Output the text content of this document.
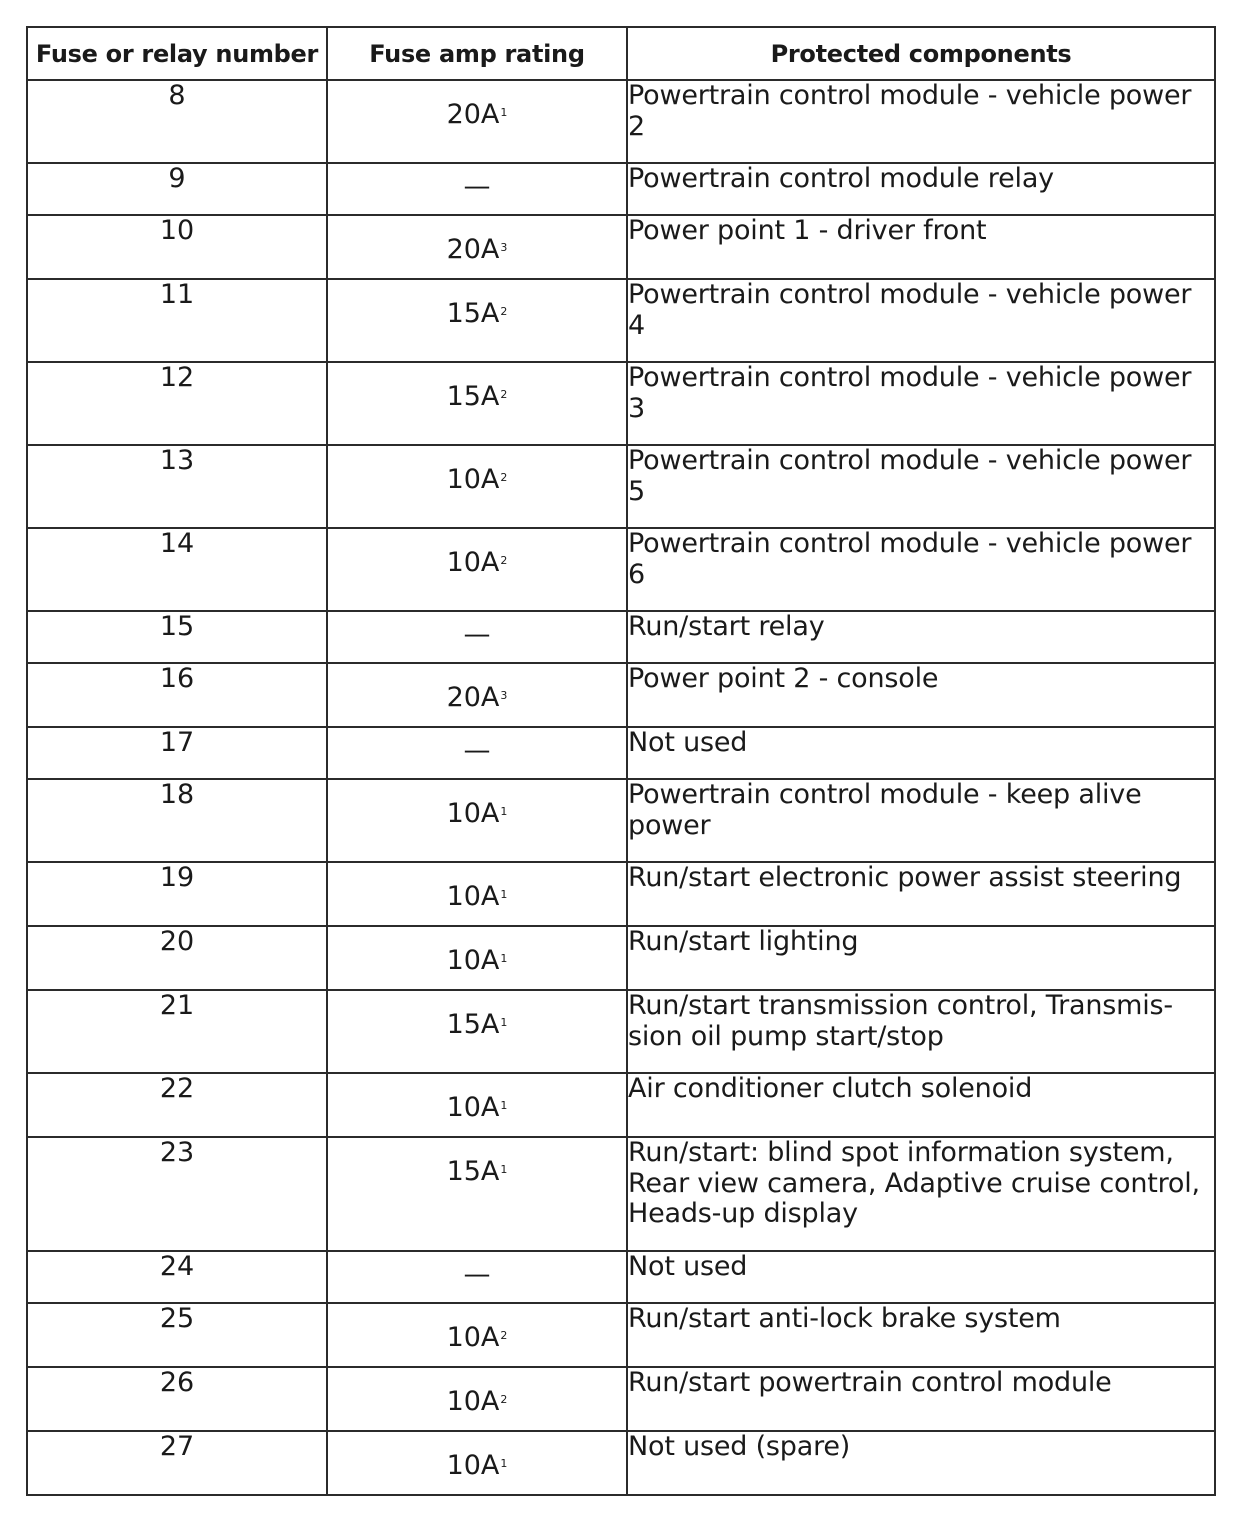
Fuse or relay number	Fuse amp rating	Protected components
8	$20A^1$	Powertrain control module - vehicle power 2
9	—	Powertrain control module relay
10	$20A^3$	Power point 1 - driver front
11	$15A^2$	Powertrain control module - vehicle power 4
12	$15A^2$	Powertrain control module - vehicle power 3
13	$10A^2$	Powertrain control module - vehicle power 5
14	$10A^2$	Powertrain control module - vehicle power 6
15	—	Run/start relay
16	$20A^3$	Power point 2 - console
17	—	Not used
18	$10A^1$	Powertrain control module - keep alive power
19	$10A^1$	Run/start electronic power assist steering
20	$10A^1$	Run/start lighting
21	$15A^1$	Run/start transmission control, Transmis-sion oil pump start/stop
22	$10A^1$	Air conditioner clutch solenoid
23	$15A^1$	Run/start: blind spot information system, Rear view camera, Adaptive cruise control, Heads-up display
24	—	Not used
25	$10A^2$	Run/start anti-lock brake system
26	$10A^2$	Run/start powertrain control module
27	$10A^1$	Not used (spare)
